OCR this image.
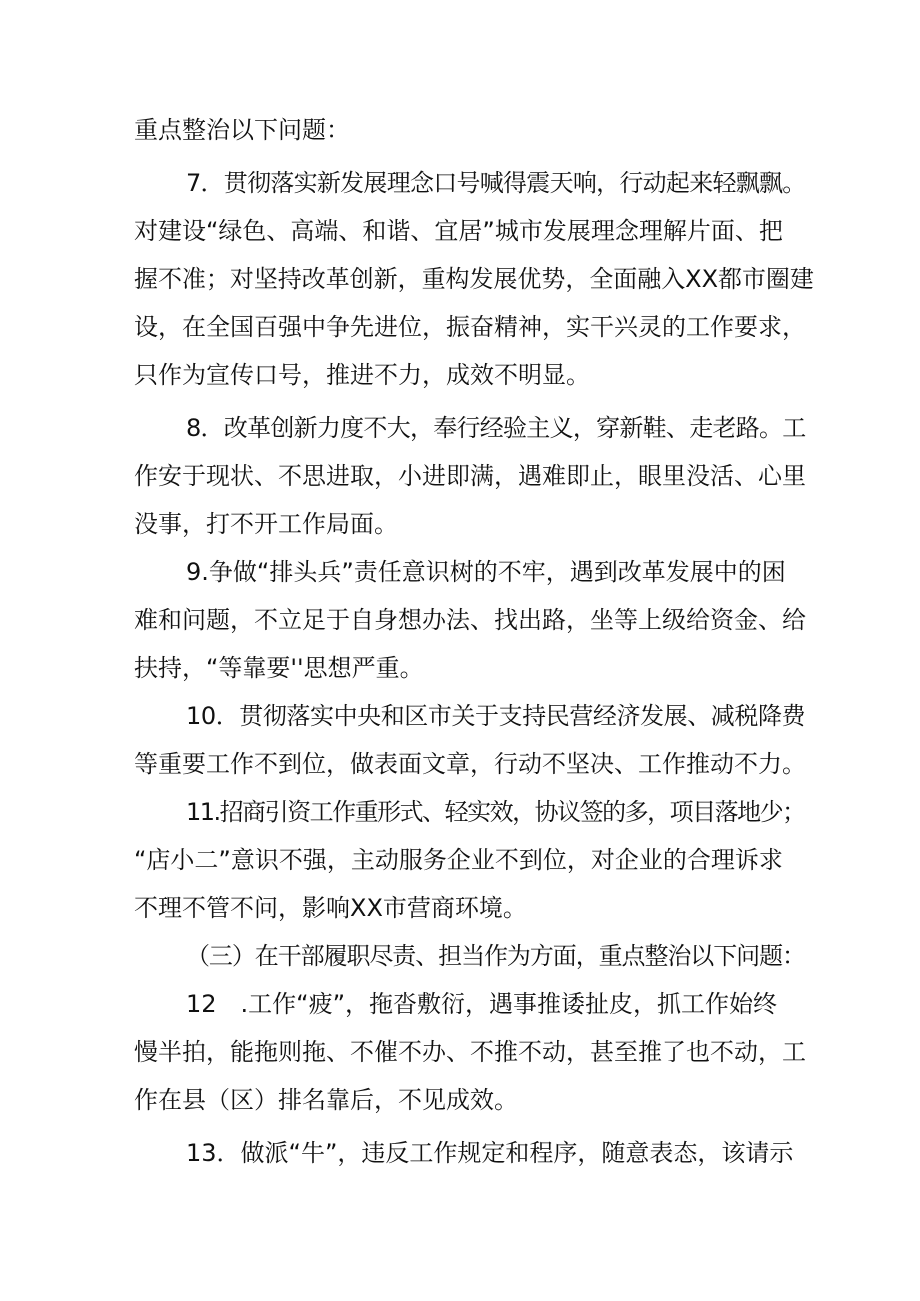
重点整治以下问题：
7．贯彻落实新发展理念口号喊得震天响，行动起来轻飘飘。
对建设“绿色、高端、和谐、宜居”城市发展理念理解片面、把
握不准；对坚持改革创新，重构发展优势，全面融入XX都市圈建
设，在全国百强中争先进位，振奋精神，实干兴灵的工作要求，
只作为宣传口号，推进不力，成效不明显。
8．改革创新力度不大，奉行经验主义，穿新鞋、走老路。工
作安于现状、不思进取，小进即满，遇难即止，眼里没活、心里
没事，打不开工作局面。
9.争做“排头兵”责任意识树的不牢，遇到改革发展中的困
难和问题，不立足于自身想办法、找出路，坐等上级给资金、给
扶持，“等靠要''思想严重。
10．贯彻落实中央和区市关于支持民营经济发展、减税降费
等重要工作不到位，做表面文章，行动不坚决、工作推动不力。
11.招商引资工作重形式、轻实效，协议签的多，项目落地少；
“店小二”意识不强，主动服务企业不到位，对企业的合理诉求
不理不管不问，影响XX市营商环境。
（三）在干部履职尽责、担当作为方面，重点整治以下问题：
12　.工作“疲”，拖沓敷衍，遇事推诿扯皮，抓工作始终
慢半拍，能拖则拖、不催不办、不推不动，甚至推了也不动，工
作在县（区）排名靠后，不见成效。
13．做派“牛”，违反工作规定和程序，随意表态，该请示
